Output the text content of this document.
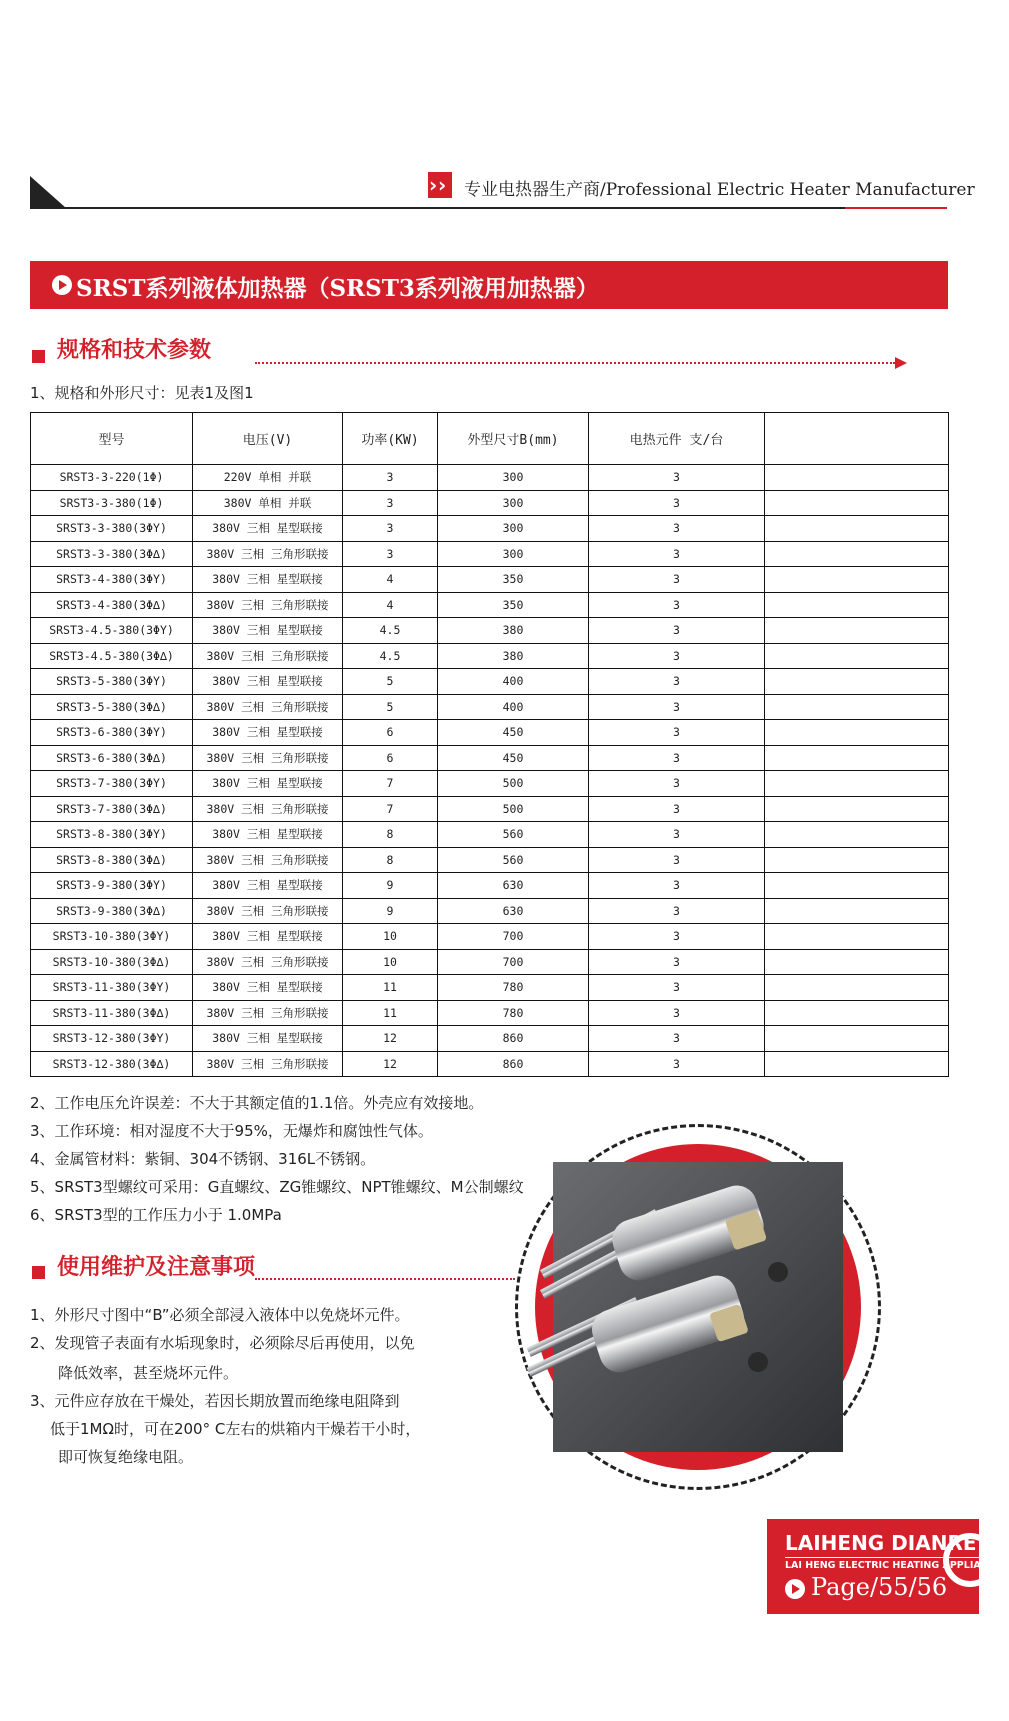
› › 专业电热器生产商/Professional Electric Heater Manufacturer
SRST系列液体加热器（SRST3系列液用加热器）
规格和技术参数
1、规格和外形尺寸：见表1及图1
型号	电压(V)	功率(KW)	外型尺寸B(mm)	电热元件 支/台	
SRST3-3-220(1Φ)	220V 单相 并联	3	300	3	
SRST3-3-380(1Φ)	380V 单相 并联	3	300	3	
SRST3-3-380(3ΦY)	380V 三相 星型联接	3	300	3	
SRST3-3-380(3Φ∆)	380V 三相 三角形联接	3	300	3	
SRST3-4-380(3ΦY)	380V 三相 星型联接	4	350	3	
SRST3-4-380(3Φ∆)	380V 三相 三角形联接	4	350	3	
SRST3-4.5-380(3ΦY)	380V 三相 星型联接	4.5	380	3	
SRST3-4.5-380(3Φ∆)	380V 三相 三角形联接	4.5	380	3	
SRST3-5-380(3ΦY)	380V 三相 星型联接	5	400	3	
SRST3-5-380(3Φ∆)	380V 三相 三角形联接	5	400	3	
SRST3-6-380(3ΦY)	380V 三相 星型联接	6	450	3	
SRST3-6-380(3Φ∆)	380V 三相 三角形联接	6	450	3	
SRST3-7-380(3ΦY)	380V 三相 星型联接	7	500	3	
SRST3-7-380(3Φ∆)	380V 三相 三角形联接	7	500	3	
SRST3-8-380(3ΦY)	380V 三相 星型联接	8	560	3	
SRST3-8-380(3Φ∆)	380V 三相 三角形联接	8	560	3	
SRST3-9-380(3ΦY)	380V 三相 星型联接	9	630	3	
SRST3-9-380(3Φ∆)	380V 三相 三角形联接	9	630	3	
SRST3-10-380(3ΦY)	380V 三相 星型联接	10	700	3	
SRST3-10-380(3Φ∆)	380V 三相 三角形联接	10	700	3	
SRST3-11-380(3ΦY)	380V 三相 星型联接	11	780	3	
SRST3-11-380(3Φ∆)	380V 三相 三角形联接	11	780	3	
SRST3-12-380(3ΦY)	380V 三相 星型联接	12	860	3	
SRST3-12-380(3Φ∆)	380V 三相 三角形联接	12	860	3	
2、工作电压允许误差：不大于其额定值的1.1倍。外壳应有效接地。
3、工作环境：相对湿度不大于95%，无爆炸和腐蚀性气体。
4、金属管材料：紫铜、304不锈钢、316L不锈钢。
5、SRST3型螺纹可采用：G直螺纹、ZG锥螺纹、NPT锥螺纹、M公制螺纹
6、SRST3型的工作压力小于 1.0MPa
使用维护及注意事项
1、外形尺寸图中“B”必须全部浸入液体中以免烧坏元件。
2、发现管子表面有水垢现象时，必须除尽后再使用，以免
降低效率，甚至烧坏元件。
3、元件应存放在干燥处，若因长期放置而绝缘电阻降到
低于1MΩ时，可在200° C左右的烘箱内干燥若干小时，
即可恢复绝缘电阻。
LAIHENG DIANRE
LAI HENG ELECTRIC HEATING APPLIANCES
Page/55/56
